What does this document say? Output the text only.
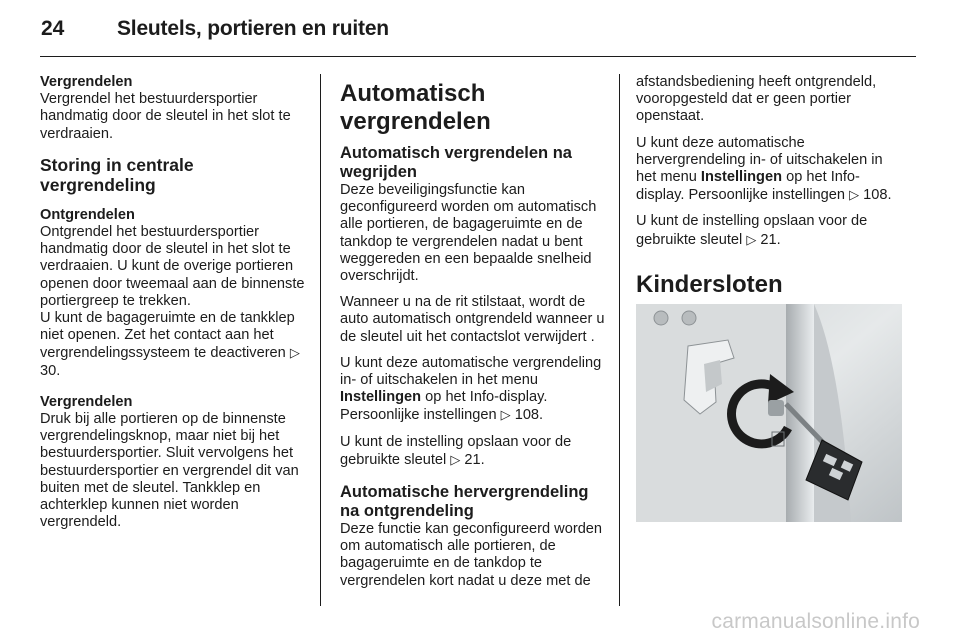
24	Sleutels, portieren en ruiten

Vergrendelen

Vergrendel het bestuurdersportier handmatig door de sleutel in het slot te verdraaien.

Storing in centrale vergrendeling

Ontgrendelen

Ontgrendel het bestuurdersportier handmatig door de sleutel in het slot te verdraaien. U kunt de overige portieren openen door tweemaal aan de binnenste portiergreep te trekken.

U kunt de bagageruimte en de tankklep niet openen. Zet het contact aan het vergrendelingssysteem te deactiveren ▷ 30.

Vergrendelen

Druk bij alle portieren op de binnenste vergrendelingsknop, maar niet bij het bestuurdersportier. Sluit vervolgens het bestuurdersportier en vergrendel dit van buiten met de sleutel. Tankklep en achterklep kunnen niet worden vergrendeld.

Automatisch vergrendelen
Automatisch vergrendelen na wegrijden

Deze beveiligingsfunctie kan geconfigureerd worden om automatisch alle portieren, de bagageruimte en de tankdop te vergrendelen nadat u bent weggereden en een bepaalde snelheid overschrijdt.

Wanneer u na de rit stilstaat, wordt de auto automatisch ontgrendeld wanneer u de sleutel uit het contactslot verwijdert .

U kunt deze automatische vergrendeling in- of uitschakelen in het menu Instellingen op het Info-display. Persoonlijke instellingen ▷ 108.

U kunt de instelling opslaan voor de gebruikte sleutel ▷ 21.

Automatische hervergrendeling na ontgrendeling

Deze functie kan geconfigureerd worden om automatisch alle portieren, de bagageruimte en de tankdop te vergrendelen kort nadat u deze met de

afstandsbediening heeft ontgrendeld, vooropgesteld dat er geen portier openstaat.

U kunt deze automatische hervergrendeling in- of uitschakelen in het menu Instellingen op het Info-display. Persoonlijke instellingen ▷ 108.

U kunt de instelling opslaan voor de gebruikte sleutel ▷ 21.

Kindersloten
carmanualsonline.info
